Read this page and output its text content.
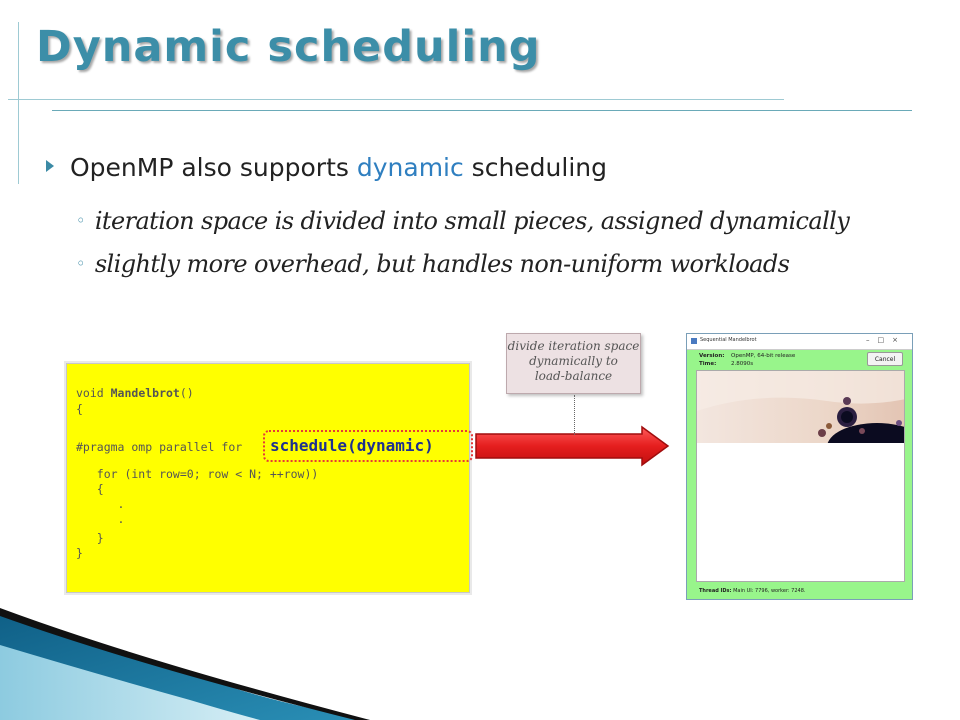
Dynamic scheduling
OpenMP also supports dynamic scheduling
◦ iteration space is divided into small pieces, assigned dynamically
◦ slightly more overhead, but handles non-uniform workloads
void Mandelbrot()
{
#pragma omp parallel for
for (int row=0; row < N; ++row))
{
.
.
}
}
schedule(dynamic)
divide iteration space
dynamically to
load-balance
Sequential Mandelbrot	–□×
Version: OpenMP, 64-bit release
Time:	2.8090s
Cancel
Thread IDs: Main UI: 7796, worker: 7248.
